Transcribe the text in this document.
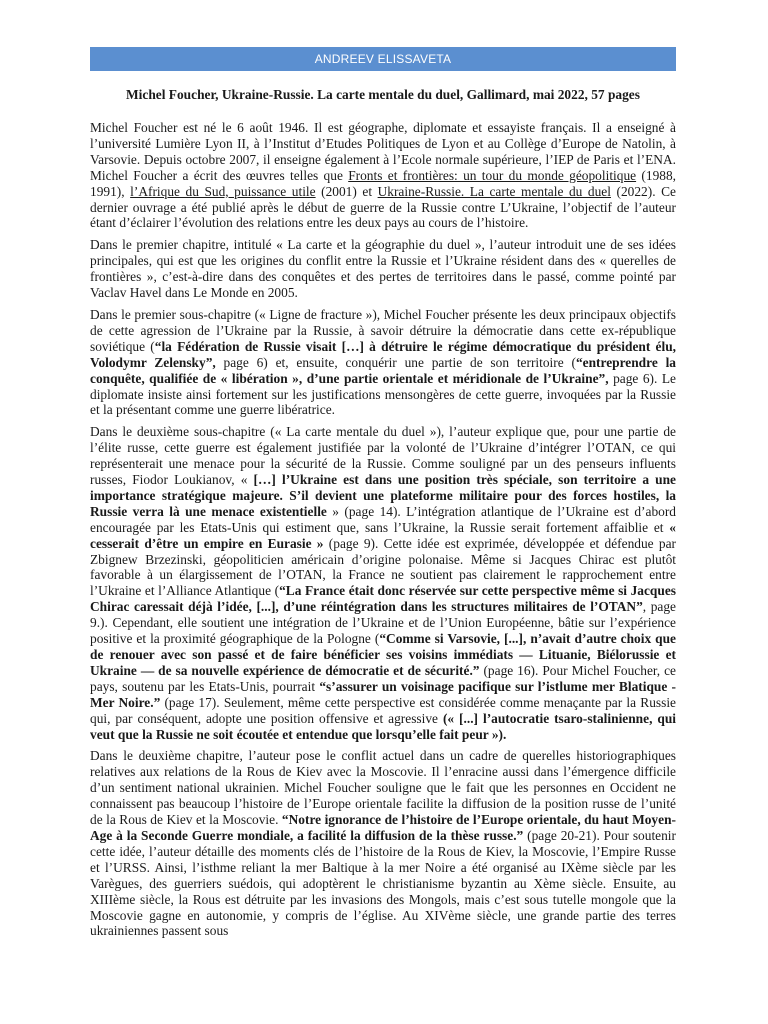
ANDREEV ELISSAVETA
Michel Foucher, Ukraine-Russie. La carte mentale du duel, Gallimard, mai 2022, 57 pages

Michel Foucher est né le 6 août 1946. Il est géographe, diplomate et essayiste français. Il a enseigné à l’université Lumière Lyon II, à l’Institut d’Etudes Politiques de Lyon et au Collège d’Europe de Natolin, à Varsovie. Depuis octobre 2007, il enseigne également à l’Ecole normale supérieure, l’IEP de Paris et l’ENA. Michel Foucher a écrit des œuvres telles que Fronts et frontières: un tour du monde géopolitique (1988, 1991), l’Afrique du Sud, puissance utile (2001) et Ukraine-Russie. La carte mentale du duel (2022). Ce dernier ouvrage a été publié après le début de guerre de la Russie contre L’Ukraine, l’objectif de l’auteur étant d’éclairer l’évolution des relations entre les deux pays au cours de l’histoire.

Dans le premier chapitre, intitulé « La carte et la géographie du duel », l’auteur introduit une de ses idées principales, qui est que les origines du conflit entre la Russie et l’Ukraine résident dans des « querelles de frontières », c’est-à-dire dans des conquêtes et des pertes de territoires dans le passé, comme pointé par Vaclav Havel dans Le Monde en 2005.

Dans le premier sous-chapitre (« Ligne de fracture »), Michel Foucher présente les deux principaux objectifs de cette agression de l’Ukraine par la Russie, à savoir détruire la démocratie dans cette ex-république soviétique (“la Fédération de Russie visait […] à détruire le régime démocratique du président élu, Volodymr Zelensky”, page 6) et, ensuite, conquérir une partie de son territoire (“entreprendre la conquête, qualifiée de « libération », d’une partie orientale et méridionale de l’Ukraine”, page 6). Le diplomate insiste ainsi fortement sur les justifications mensongères de cette guerre, invoquées par la Russie et la présentant comme une guerre libératrice.

Dans le deuxième sous-chapitre (« La carte mentale du duel »), l’auteur explique que, pour une partie de l’élite russe, cette guerre est également justifiée par la volonté de l’Ukraine d’intégrer l’OTAN, ce qui représenterait une menace pour la sécurité de la Russie. Comme souligné par un des penseurs influents russes, Fiodor Loukianov, « […] l’Ukraine est dans une position très spéciale, son territoire a une importance stratégique majeure. S’il devient une plateforme militaire pour des forces hostiles, la Russie verra là une menace existentielle » (page 14). L’intégration atlantique de l’Ukraine est d’abord encouragée par les Etats-Unis qui estiment que, sans l’Ukraine, la Russie serait fortement affaiblie et « cesserait d’être un empire en Eurasie » (page 9). Cette idée est exprimée, développée et défendue par Zbignew Brzezinski, géopoliticien américain d’origine polonaise. Même si Jacques Chirac est plutôt favorable à un élargissement de l’OTAN, la France ne soutient pas clairement le rapprochement entre l’Ukraine et l’Alliance Atlantique (“La France était donc réservée sur cette perspective même si Jacques Chirac caressait déjà l’idée, [...], d’une réintégration dans les structures militaires de l’OTAN”, page 9.). Cependant, elle soutient une intégration de l’Ukraine et de l’Union Européenne, bâtie sur l’expérience positive et la proximité géographique de la Pologne (“Comme si Varsovie, [...], n’avait d’autre choix que de renouer avec son passé et de faire bénéficier ses voisins immédiats — Lituanie, Biélorussie et Ukraine — de sa nouvelle expérience de démocratie et de sécurité.” (page 16). Pour Michel Foucher, ce pays, soutenu par les Etats-Unis, pourrait “s’assurer un voisinage pacifique sur l’istlume mer Blatique - Mer Noire.” (page 17). Seulement, même cette perspective est considérée comme menaçante par la Russie qui, par conséquent, adopte une position offensive et agressive (« [...] l’autocratie tsaro-stalinienne, qui veut que la Russie ne soit écoutée et entendue que lorsqu’elle fait peur »).

Dans le deuxième chapitre, l’auteur pose le conflit actuel dans un cadre de querelles historiographiques relatives aux relations de la Rous de Kiev avec la Moscovie. Il l’enracine aussi dans l’émergence difficile d’un sentiment national ukrainien. Michel Foucher souligne que le fait que les personnes en Occident ne connaissent pas beaucoup l’histoire de l’Europe orientale facilite la diffusion de la position russe de l’unité de la Rous de Kiev et la Moscovie. “Notre ignorance de l’histoire de l’Europe orientale, du haut Moyen-Age à la Seconde Guerre mondiale, a facilité la diffusion de la thèse russe.” (page 20-21). Pour soutenir cette idée, l’auteur détaille des moments clés de l’histoire de la Rous de Kiev, la Moscovie, l’Empire Russe et l’URSS. Ainsi, l’isthme reliant la mer Baltique à la mer Noire a été organisé au IXème siècle par les Varègues, des guerriers suédois, qui adoptèrent le christianisme byzantin au Xème siècle. Ensuite, au XIIIème siècle, la Rous est détruite par les invasions des Mongols, mais c’est sous tutelle mongole que la Moscovie gagne en autonomie, y compris de l’église. Au XIVème siècle, une grande partie des terres ukrainiennes passent sous
